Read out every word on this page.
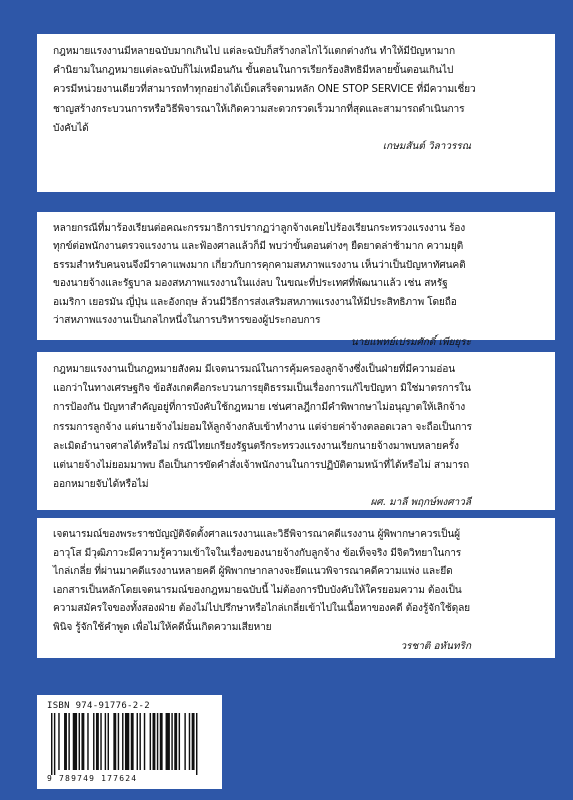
กฎหมายแรงงานมีหลายฉบับมากเกินไป แต่ละฉบับก็สร้างกลไกไว้แตกต่างกัน ทำให้มีปัญหามาก
คำนิยามในกฎหมายแต่ละฉบับก็ไม่เหมือนกัน ขั้นตอนในการเรียกร้องสิทธิมีหลายขั้นตอนเกินไป
ควรมีหน่วยงานเดียวที่สามารถทำทุกอย่างได้เบ็ดเสร็จตามหลัก ONE STOP SERVICE ที่มีความเชี่ยว
ชาญสร้างกระบวนการหรือวิธีพิจารณาให้เกิดความสะดวกรวดเร็วมากที่สุดและสามารถดำเนินการ
บังคับได้

เกษมสันต์ วิลาวรรณ

หลายกรณีที่มาร้องเรียนต่อคณะกรรมาธิการปรากฏว่าลูกจ้างเคยไปร้องเรียนกระทรวงแรงงาน ร้อง
ทุกข์ต่อพนักงานตรวจแรงงาน และฟ้องศาลแล้วก็มี พบว่าขั้นตอนต่างๆ ยืดยาดล่าช้ามาก ความยุติ
ธรรมสำหรับคนจนจึงมีราคาแพงมาก เกี่ยวกับการคุกคามสหภาพแรงงาน เห็นว่าเป็นปัญหาทัศนคติ
ของนายจ้างและรัฐบาล มองสหภาพแรงงานในแง่ลบ ในขณะที่ประเทศที่พัฒนาแล้ว เช่น สหรัฐ
อเมริกา เยอรมัน ญี่ปุ่น และอังกฤษ ล้วนมีวิธีการส่งเสริมสหภาพแรงงานให้มีประสิทธิภาพ โดยถือ
ว่าสหภาพแรงงานเป็นกลไกหนึ่งในการบริหารของผู้ประกอบการ

นายแพทย์เปรมศักดิ์ เพียยุระ

กฎหมายแรงงานเป็นกฎหมายสังคม มีเจตนารมณ์ในการคุ้มครองลูกจ้างซึ่งเป็นฝ่ายที่มีความอ่อน
แอกว่าในทางเศรษฐกิจ ข้อสังเกตคือกระบวนการยุติธรรมเป็นเรื่องการแก้ไขปัญหา มิใช่มาตรการใน
การป้องกัน ปัญหาสำคัญอยู่ที่การบังคับใช้กฎหมาย เช่นศาลฎีกามีคำพิพากษาไม่อนุญาตให้เลิกจ้าง
กรรมการลูกจ้าง แต่นายจ้างไม่ยอมให้ลูกจ้างกลับเข้าทำงาน แต่จ่ายค่าจ้างตลอดเวลา จะถือเป็นการ
ละเมิดอำนาจศาลได้หรือไม่ กรณีไทยเกรียงรัฐนตรีกระทรวงแรงงานเรียกนายจ้างมาพบหลายครั้ง
แต่นายจ้างไม่ยอมมาพบ ถือเป็นการขัดคำสั่งเจ้าพนักงานในการปฏิบัติตามหน้าที่ได้หรือไม่ สามารถ
ออกหมายจับได้หรือไม่

ผศ. มาลี พฤกษ์พงศาวลี

เจตนารมณ์ของพระราชบัญญัติจัดตั้งศาลแรงงานและวิธีพิจารณาคดีแรงงาน ผู้พิพากษาควรเป็นผู้
อาวุโส มีวุฒิภาวะมีความรู้ความเข้าใจในเรื่องของนายจ้างกับลูกจ้าง ข้อเท็จจริง มีจิตวิทยาในการ
ไกล่เกลี่ย ที่ผ่านมาคดีแรงงานหลายคดี ผู้พิพากษากลางจะยึดแนวพิจารณาคดีความแพ่ง และยึด
เอกสารเป็นหลักโดยเจตนารมณ์ของกฎหมายฉบับนี้ ไม่ต้องการปีบบังคับให้ใครยอมความ ต้องเป็น
ความสมัครใจของทั้งสองฝ่าย ต้องไม่ไปปรึกษาหรือไกล่เกลี่ยเข้าไปในเนื้อหาของคดี ต้องรู้จักใช้ดุลย
พินิจ รู้จักใช้คำพูด เพื่อไม่ให้คดีนั้นเกิดความเสียหาย

วรชาติ อหันทริก
ISBN 974-91776-2-2
9 789749 177624
